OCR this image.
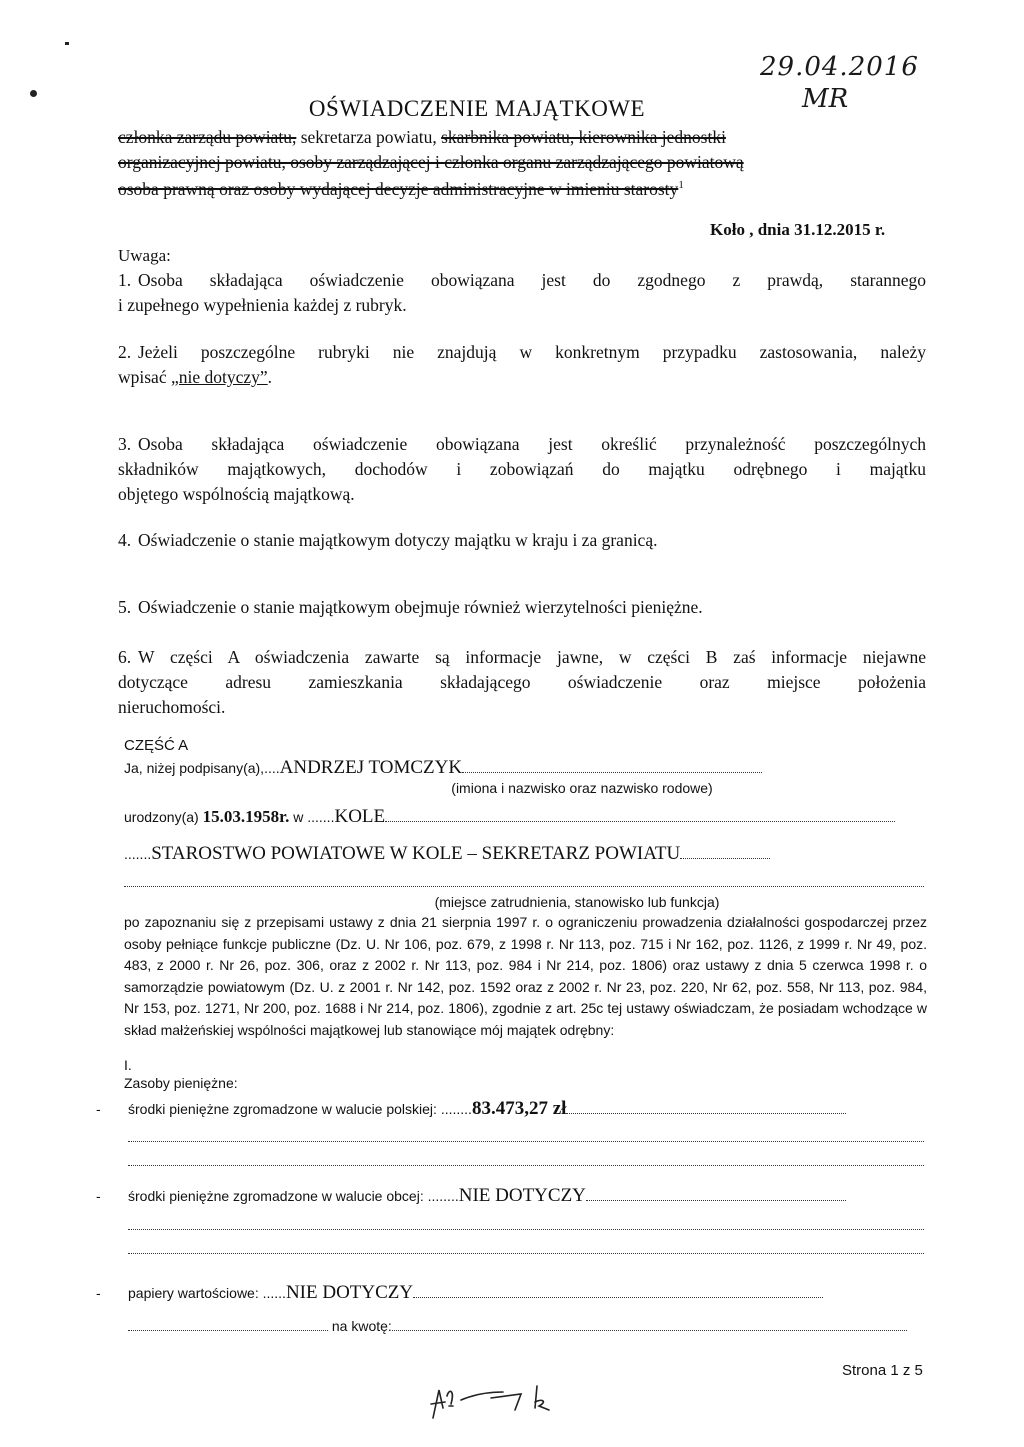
29.04.2016
MR
OŚWIADCZENIE MAJĄTKOWE
członka zarządu powiatu, sekretarza powiatu, skarbnika powiatu, kierownika jednostki
organizacyjnej powiatu, osoby zarządzającej i członka organu zarządzającego powiatową
osoba prawną oraz osoby wydającej decyzje administracyjne w imieniu starosty$^1$
Koło , dnia 31.12.2015 r.
Uwaga:
1. Osoba składająca oświadczenie obowiązana jest do zgodnego z prawdą, starannego
i zupełnego wypełnienia każdej z rubryk.
2. Jeżeli poszczególne rubryki nie znajdują w konkretnym przypadku zastosowania, należy
wpisać „nie dotyczy”.
3. Osoba składająca oświadczenie obowiązana jest określić przynależność poszczególnych
składników majątkowych, dochodów i zobowiązań do majątku odrębnego i majątku
objętego wspólnością majątkową.
4. Oświadczenie o stanie majątkowym dotyczy majątku w kraju i za granicą.
5. Oświadczenie o stanie majątkowym obejmuje również wierzytelności pieniężne.
6. W części A oświadczenia zawarte są informacje jawne, w części B zaś informacje niejawne
dotyczące adresu zamieszkania składającego oświadczenie oraz miejsce położenia
nieruchomości.
CZĘŚĆ A
Ja, niżej podpisany(a),....ANDRZEJ TOMCZYK
(imiona i nazwisko oraz nazwisko rodowe)
urodzony(a) 15.03.1958r. w .......KOLE
.......STAROSTWO POWIATOWE W KOLE – SEKRETARZ POWIATU
(miejsce zatrudnienia, stanowisko lub funkcja)
po zapoznaniu się z przepisami ustawy z dnia 21 sierpnia 1997 r. o ograniczeniu prowadzenia działalności gospodarczej przez osoby pełniące funkcje publiczne (Dz. U. Nr 106, poz. 679, z 1998 r. Nr 113, poz. 715 i Nr 162, poz. 1126, z 1999 r. Nr 49, poz. 483, z 2000 r. Nr 26, poz. 306, oraz z 2002 r. Nr 113, poz. 984 i Nr 214, poz. 1806) oraz ustawy z dnia 5 czerwca 1998 r. o samorządzie powiatowym (Dz. U. z 2001 r. Nr 142, poz. 1592 oraz z 2002 r. Nr 23, poz. 220, Nr 62, poz. 558, Nr 113, poz. 984, Nr 153, poz. 1271, Nr 200, poz. 1688 i Nr 214, poz. 1806), zgodnie z art. 25c tej ustawy oświadczam, że posiadam wchodzące w skład małżeńskiej wspólności majątkowej lub stanowiące mój majątek odrębny:
I.
Zasoby pieniężne:
- środki pieniężne zgromadzone w walucie polskiej: ........83.473,27 zł
- środki pieniężne zgromadzone w walucie obcej: ........NIE DOTYCZY
- papiery wartościowe: ......NIE DOTYCZY
na kwotę:
Strona 1 z 5
